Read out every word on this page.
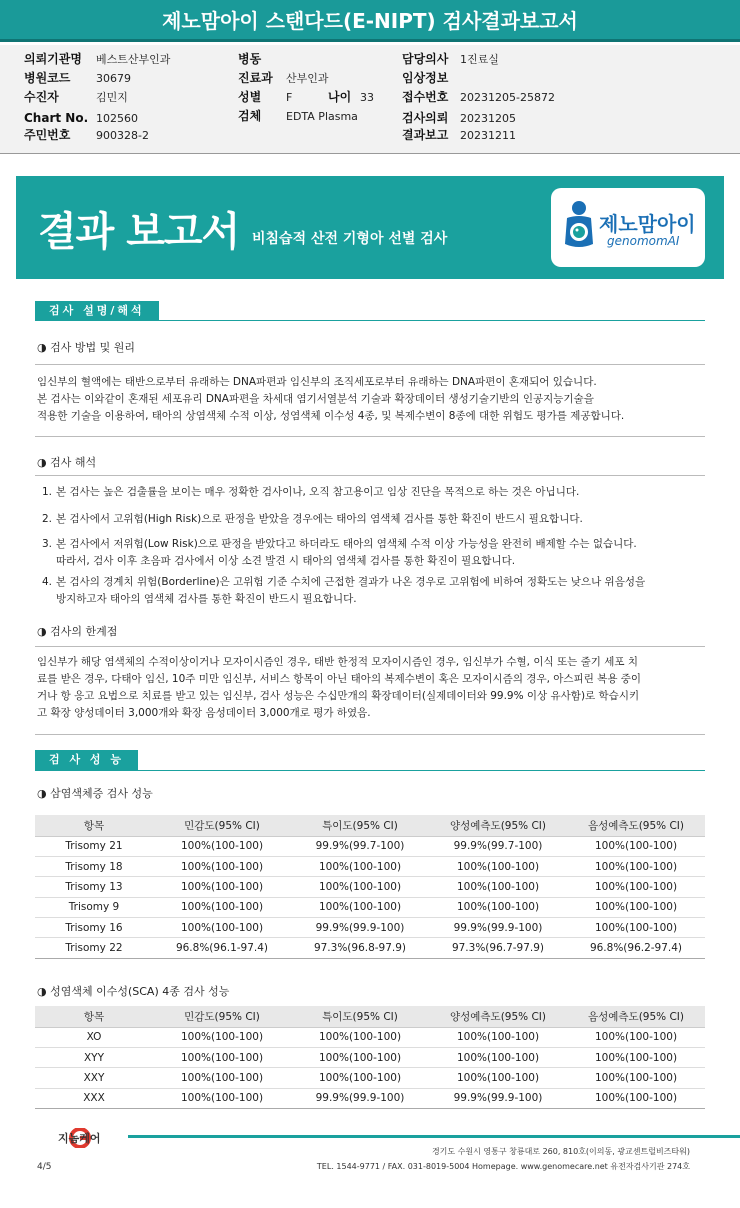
제노맘아이 스탠다드(E-NIPT) 검사결과보고서
의뢰기관명 베스트산부인과
병원코드 30679
수진자	김민지
Chart No. 102560
주민번호 900328-2
병동
진료과 산부인과
성별 F	나이 33
검체 EDTA Plasma
담당의사 1진료실
임상정보
접수번호 20231205-25872
검사의뢰 20231205
결과보고 20231211
결과 보고서 비침습적 산전 기형아 선별 검사
제노맘아이
genomomAI
검사 설명/해석
◑ 검사 방법 및 원리
임신부의 혈액에는 태반으로부터 유래하는 DNA파편과 임신부의 조직세포로부터 유래하는 DNA파편이 혼재되어 있습니다.
본 검사는 이와같이 혼재된 세포유리 DNA파편을 차세대 염기서열분석 기술과 확장데이터 생성기술기반의 인공지능기술을
적용한 기술을 이용하여, 태아의 상염색체 수적 이상, 성염색체 이수성 4종, 및 복제수변이 8종에 대한 위험도 평가를 제공합니다.
◑ 검사 해석
1. 본 검사는 높은 검출률을 보이는 매우 정확한 검사이나, 오직 참고용이고 임상 진단을 목적으로 하는 것은 아닙니다.
2. 본 검사에서 고위험(High Risk)으로 판정을 받았을 경우에는 태아의 염색체 검사를 통한 확진이 반드시 필요합니다.
3. 본 검사에서 저위험(Low Risk)으로 판정을 받았다고 하더라도 태아의 염색체 수적 이상 가능성을 완전히 배제할 수는 없습니다.
따라서, 검사 이후 초음파 검사에서 이상 소견 발견 시 태아의 염색체 검사를 통한 확진이 필요합니다.
4. 본 검사의 경계치 위험(Borderline)은 고위험 기준 수치에 근접한 결과가 나온 경우로 고위험에 비하여 정확도는 낮으나 위음성을
방지하고자 태아의 염색체 검사를 통한 확진이 반드시 필요합니다.
◑ 검사의 한계점
임신부가 해당 염색체의 수적이상이거나 모자이시즘인 경우, 태반 한정적 모자이시즘인 경우, 임신부가 수혈, 이식 또는 줄기 세포 치
료를 받은 경우, 다태아 임신, 10주 미만 임신부, 서비스 항목이 아닌 태아의 복제수변이 혹은 모자이시즘의 경우, 아스피린 복용 중이
거나 항 응고 요법으로 치료를 받고 있는 임신부, 검사 성능은 수십만개의 확장데이터(실제데이터와 99.9% 이상 유사함)로 학습시키
고 확장 양성데이터 3,000개와 확장 음성데이터 3,000개로 평가 하였음.
검 사 성 능
◑ 삼염색체증 검사 성능
항목	민감도(95% CI)	특이도(95% CI)	양성예측도(95% CI)	음성예측도(95% CI)
Trisomy 21	100%(100-100)	99.9%(99.7-100)	99.9%(99.7-100)	100%(100-100)
Trisomy 18	100%(100-100)	100%(100-100)	100%(100-100)	100%(100-100)
Trisomy 13	100%(100-100)	100%(100-100)	100%(100-100)	100%(100-100)
Trisomy 9	100%(100-100)	100%(100-100)	100%(100-100)	100%(100-100)
Trisomy 16	100%(100-100)	99.9%(99.9-100)	99.9%(99.9-100)	100%(100-100)
Trisomy 22	96.8%(96.1-97.4)	97.3%(96.8-97.9)	97.3%(96.7-97.9)	96.8%(96.2-97.4)
◑ 성염색체 이수성(SCA) 4종 검사 성능
항목	민감도(95% CI)	특이도(95% CI)	양성예측도(95% CI)	음성예측도(95% CI)
XO	100%(100-100)	100%(100-100)	100%(100-100)	100%(100-100)
XYY	100%(100-100)	100%(100-100)	100%(100-100)	100%(100-100)
XXY	100%(100-100)	100%(100-100)	100%(100-100)	100%(100-100)
XXX	100%(100-100)	99.9%(99.9-100)	99.9%(99.9-100)	100%(100-100)
지놈케어
경기도 수원시 영통구 창룡대로 260, 810호(이의동, 광교센트럴비즈타워)
TEL. 1544-9771 / FAX. 031-8019-5004 Homepage. www.genomecare.net 유전자검사기관 274호
4/5
